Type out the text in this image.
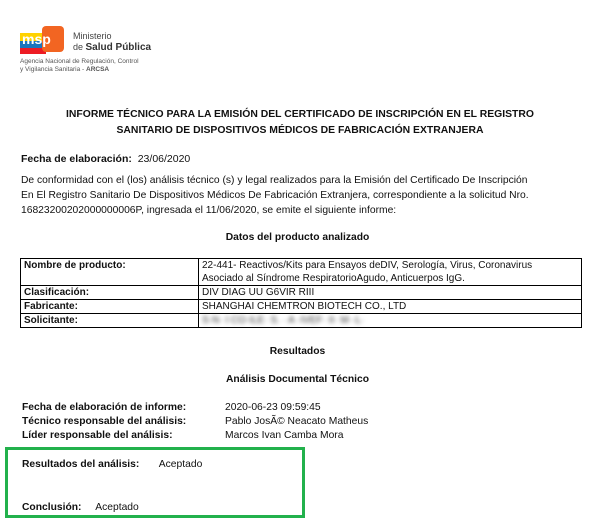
msp Ministerio
de Salud Pública
Agencia Nacional de Regulación, Control
y Vigilancia Sanitaria - ARCSA
INFORME TÉCNICO PARA LA EMISIÓN DEL CERTIFICADO DE INSCRIPCIÓN EN EL REGISTRO
SANITARIO DE DISPOSITIVOS MÉDICOS DE FABRICACIÓN EXTRANJERA
Fecha de elaboración: 23/06/2020
De conformidad con el (los) análisis técnico (s) y legal realizados para la Emisión del Certificado De Inscripción
En El Registro Sanitario De Dispositivos Médicos De Fabricación Extranjera, correspondiente a la solicitud Nro.
16823200202000000006P, ingresada el 11/06/2020, se emite el siguiente informe:
Datos del producto analizado
Nombre de producto:	22-441- Reactivos/Kits para Ensayos deDIV, Serología, Virus, Coronavirus
Asociado al Síndrome RespiratorioAgudo, Anticuerpos IgG.

Clasificación:	DIV DIAG UU G6VIR RIII
Fabricante:	SHANGHAI CHEMTRON BIOTECH CO., LTD
Solicitante:	S·N· I CO·ILE· S. · A ·IVEF· II· M··L·
Resultados
Análisis Documental Técnico
Fecha de elaboración de informe:	2020-06-23 09:59:45
Técnico responsable del análisis:	Pablo JosÃ© Neacato Matheus
Líder responsable del análisis:	Marcos Ivan Camba Mora
Resultados del análisis: Aceptado
Conclusión: Aceptado
